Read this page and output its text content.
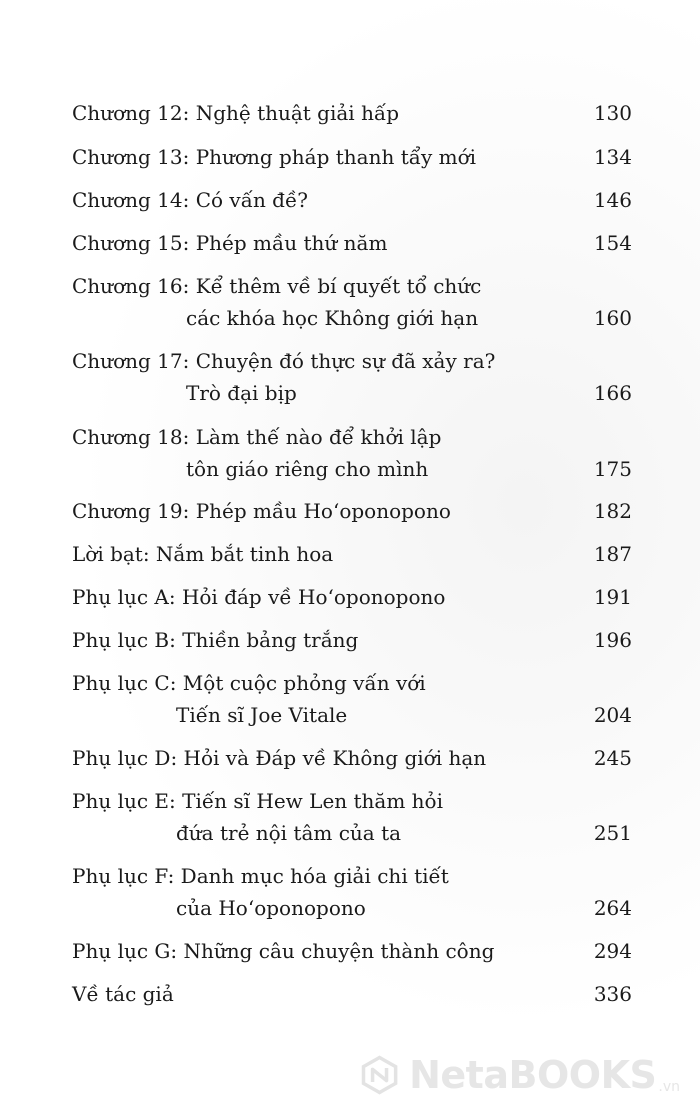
Chương 12: Nghệ thuật giải hấp	130
Chương 13: Phương pháp thanh tẩy mới	134
Chương 14: Có vấn đề?	146
Chương 15: Phép mầu thứ năm	154
Chương 16: Kể thêm về bí quyết tổ chức
các khóa học Không giới hạn	160
Chương 17: Chuyện đó thực sự đã xảy ra?
Trò đại bịp	166
Chương 18: Làm thế nào để khởi lập
tôn giáo riêng cho mình	175
Chương 19: Phép mầu Hoʻoponopono	182
Lời bạt: Nắm bắt tinh hoa	187
Phụ lục A: Hỏi đáp về Hoʻoponopono	191
Phụ lục B: Thiền bảng trắng	196
Phụ lục C: Một cuộc phỏng vấn với
Tiến sĩ Joe Vitale	204
Phụ lục D: Hỏi và Đáp về Không giới hạn	245
Phụ lục E: Tiến sĩ Hew Len thăm hỏi
đứa trẻ nội tâm của ta	251
Phụ lục F: Danh mục hóa giải chi tiết
của Hoʻoponopono	264
Phụ lục G: Những câu chuyện thành công	294
Về tác giả	336
NetaBOOKS .vn
